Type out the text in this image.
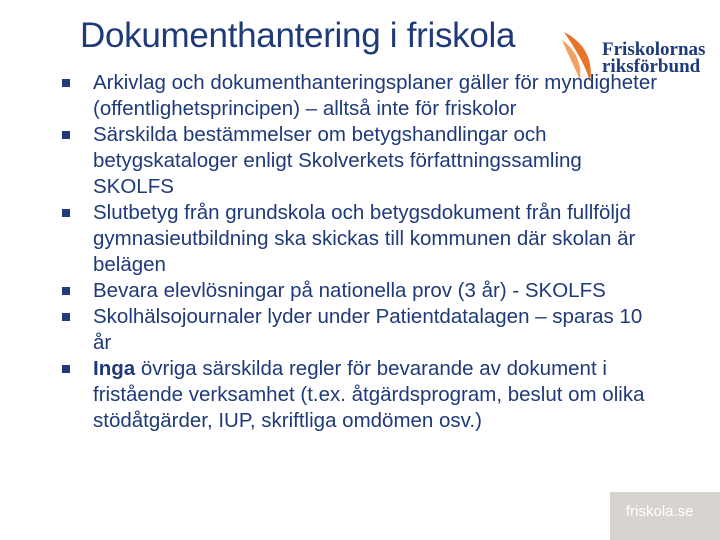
Dokumenthantering i friskola	Friskolornas
riksförbund
Arkivlag och dokumenthanteringsplaner gäller för myndigheter (offentlighetsprincipen) – alltså inte för friskolor
Särskilda bestämmelser om betygshandlingar och betygskataloger enligt Skolverkets författningssamling SKOLFS
Slutbetyg från grundskola och betygsdokument från fullföljd gymnasieutbildning ska skickas till kommunen där skolan är belägen
Bevara elevlösningar på nationella prov (3 år) - SKOLFS
Skolhälsojournaler lyder under Patientdatalagen – sparas 10 år
Inga övriga särskilda regler för bevarande av dokument i fristående verksamhet (t.ex. åtgärdsprogram, beslut om olika stödåtgärder, IUP, skriftliga omdömen osv.)
friskola.se
